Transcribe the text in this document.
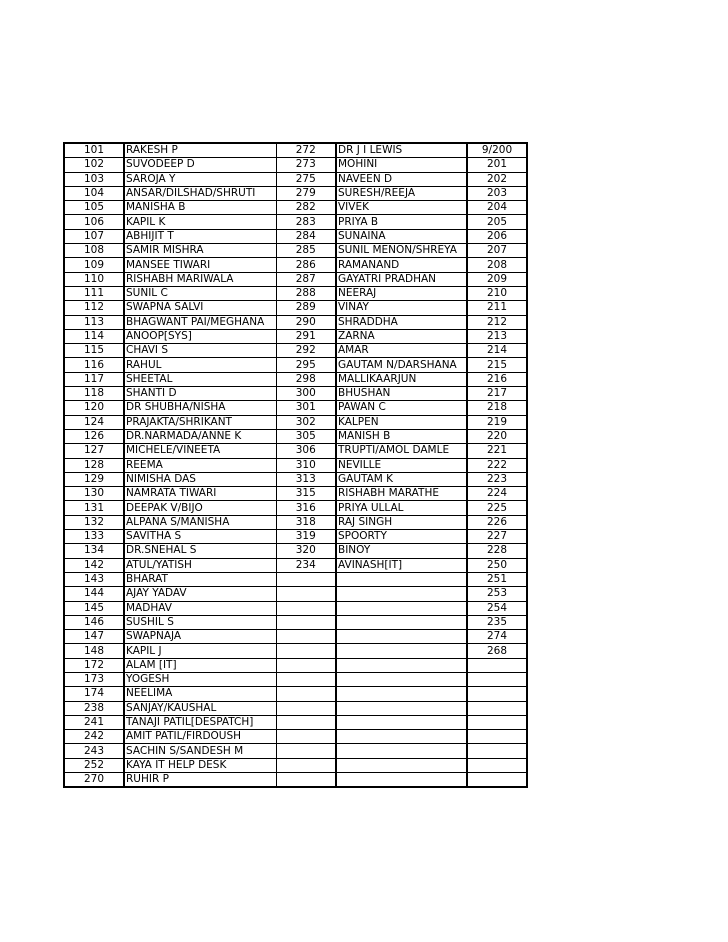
101	RAKESH P	272	DR J I LEWIS	9/200
102	SUVODEEP D	273	MOHINI	201
103	SAROJA Y	275	NAVEEN D	202
104	ANSAR/DILSHAD/SHRUTI	279	SURESH/REEJA	203
105	MANISHA B	282	VIVEK	204
106	KAPIL K	283	PRIYA B	205
107	ABHIJIT T	284	SUNAINA	206
108	SAMIR MISHRA	285	SUNIL MENON/SHREYA	207
109	MANSEE TIWARI	286	RAMANAND	208
110	RISHABH MARIWALA	287	GAYATRI PRADHAN	209
111	SUNIL C	288	NEERAJ	210
112	SWAPNA SALVI	289	VINAY	211
113	BHAGWANT PAI/MEGHANA	290	SHRADDHA	212
114	ANOOP[SYS]	291	ZARNA	213
115	CHAVI S	292	AMAR	214
116	RAHUL	295	GAUTAM N/DARSHANA	215
117	SHEETAL	298	MALLIKAARJUN	216
118	SHANTI D	300	BHUSHAN	217
120	DR SHUBHA/NISHA	301	PAWAN C	218
124	PRAJAKTA/SHRIKANT	302	KALPEN	219
126	DR.NARMADA/ANNE K	305	MANISH B	220
127	MICHELE/VINEETA	306	TRUPTI/AMOL DAMLE	221
128	REEMA	310	NEVILLE	222
129	NIMISHA DAS	313	GAUTAM K	223
130	NAMRATA TIWARI	315	RISHABH MARATHE	224
131	DEEPAK V/BIJO	316	PRIYA ULLAL	225
132	ALPANA S/MANISHA	318	RAJ SINGH	226
133	SAVITHA S	319	SPOORTY	227
134	DR.SNEHAL S	320	BINOY	228
142	ATUL/YATISH	234	AVINASH[IT]	250
143	BHARAT			251
144	AJAY YADAV			253
145	MADHAV			254
146	SUSHIL S			235
147	SWAPNAJA			274
148	KAPIL J			268
172	ALAM [IT]			
173	YOGESH			
174	NEELIMA			
238	SANJAY/KAUSHAL			
241	TANAJI PATIL[DESPATCH]			
242	AMIT PATIL/FIRDOUSH			
243	SACHIN S/SANDESH M			
252	KAYA IT HELP DESK			
270	RUHIR P			
